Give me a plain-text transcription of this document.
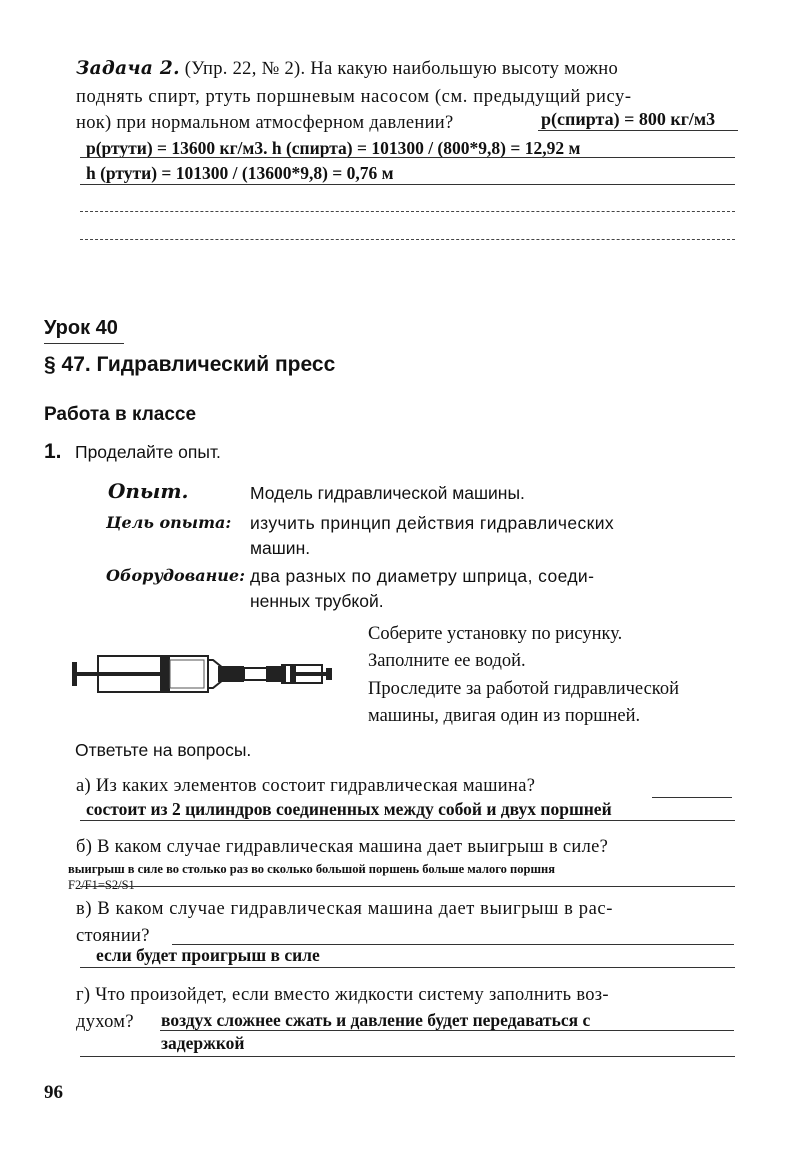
Задача 2. (Упр. 22, № 2). На какую наибольшую высоту можно
поднять спирт, ртуть поршневым насосом (см. предыдущий рису-
нок) при нормальном атмосферном давлении?	р(спирта) = 800 кг/м3
р(ртути) = 13600 кг/м3. h (спирта) = 101300 / (800*9,8) = 12,92 м
h (ртути) = 101300 / (13600*9,8) = 0,76 м
Урок 40
§ 47. Гидравлический пресс
Работа в классе
1. Проделайте опыт.
Опыт.	Модель гидравлической машины.
Цель опыта: изучить принцип действия гидравлических
машин.
Оборудование: два разных по диаметру шприца, соеди-
ненных трубкой.
Соберите установку по рисунку.
Заполните ее водой.
Проследите за работой гидравлической
машины, двигая один из поршней.
Ответьте на вопросы.
а) Из каких элементов состоит гидравлическая машина?
состоит из 2 цилиндров соединенных между собой и двух поршней
б) В каком случае гидравлическая машина дает выигрыш в силе?
выигрыш в силе во столько раз во сколько большой поршень больше малого поршня
F2/F1=S2/S1
в) В каком случае гидравлическая машина дает выигрыш в рас-
стоянии?
если будет проигрыш в силе
г) Что произойдет, если вместо жидкости систему заполнить воз-
духом? воздух сложнее сжать и давление будет передаваться с
задержкой
96
